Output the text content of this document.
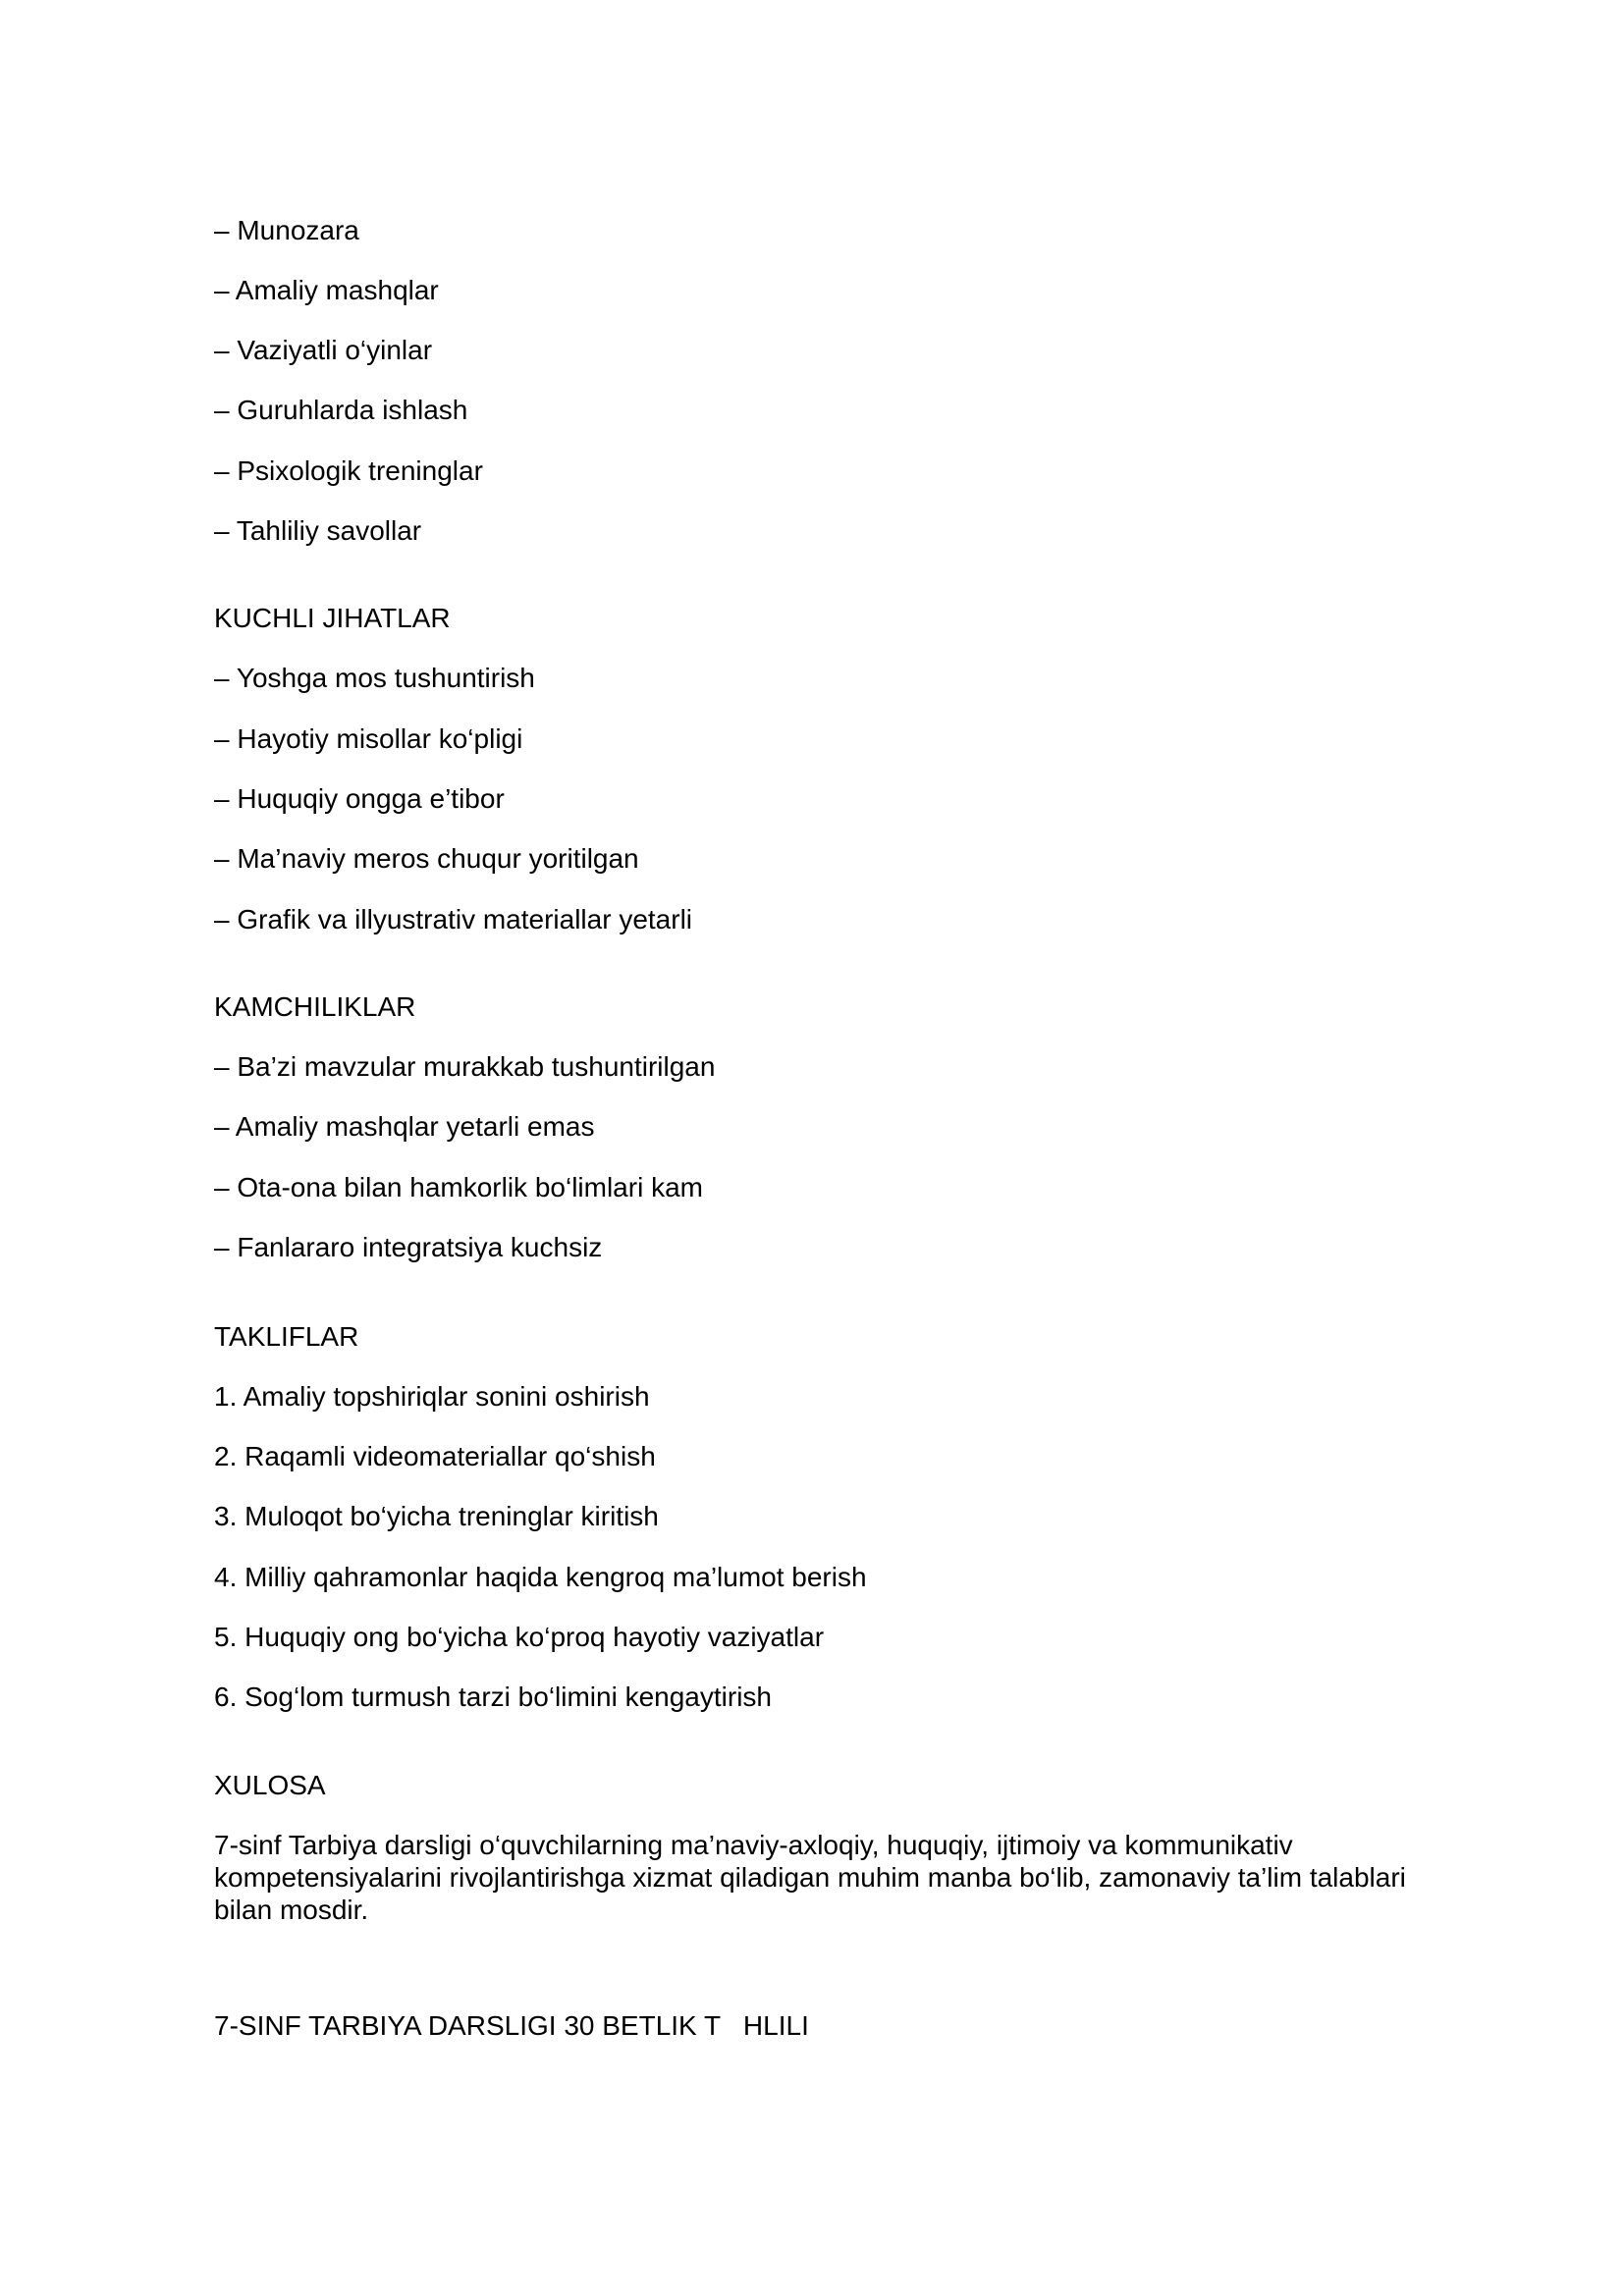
– Munozara

– Amaliy mashqlar

– Vaziyatli o‘yinlar

– Guruhlarda ishlash

– Psixologik treninglar

– Tahliliy savollar

KUCHLI JIHATLAR

– Yoshga mos tushuntirish

– Hayotiy misollar ko‘pligi

– Huquqiy ongga e’tibor

– Ma’naviy meros chuqur yoritilgan

– Grafik va illyustrativ materiallar yetarli

KAMCHILIKLAR

– Ba’zi mavzular murakkab tushuntirilgan

– Amaliy mashqlar yetarli emas

– Ota-ona bilan hamkorlik bo‘limlari kam

– Fanlararo integratsiya kuchsiz

TAKLIFLAR

1. Amaliy topshiriqlar sonini oshirish

2. Raqamli videomateriallar qo‘shish

3. Muloqot bo‘yicha treninglar kiritish

4. Milliy qahramonlar haqida kengroq ma’lumot berish

5. Huquqiy ong bo‘yicha ko‘proq hayotiy vaziyatlar

6. Sog‘lom turmush tarzi bo‘limini kengaytirish

XULOSA

7-sinf Tarbiya darsligi o‘quvchilarning ma’naviy-axloqiy, huquqiy, ijtimoiy va kommunikativ kompetensiyalarini rivojlantirishga xizmat qiladigan muhim manba bo‘lib, zamonaviy ta’lim talablari bilan mosdir.

7-SINF TARBIYA DARSLIGI 30 BETLIK T   HLILI
